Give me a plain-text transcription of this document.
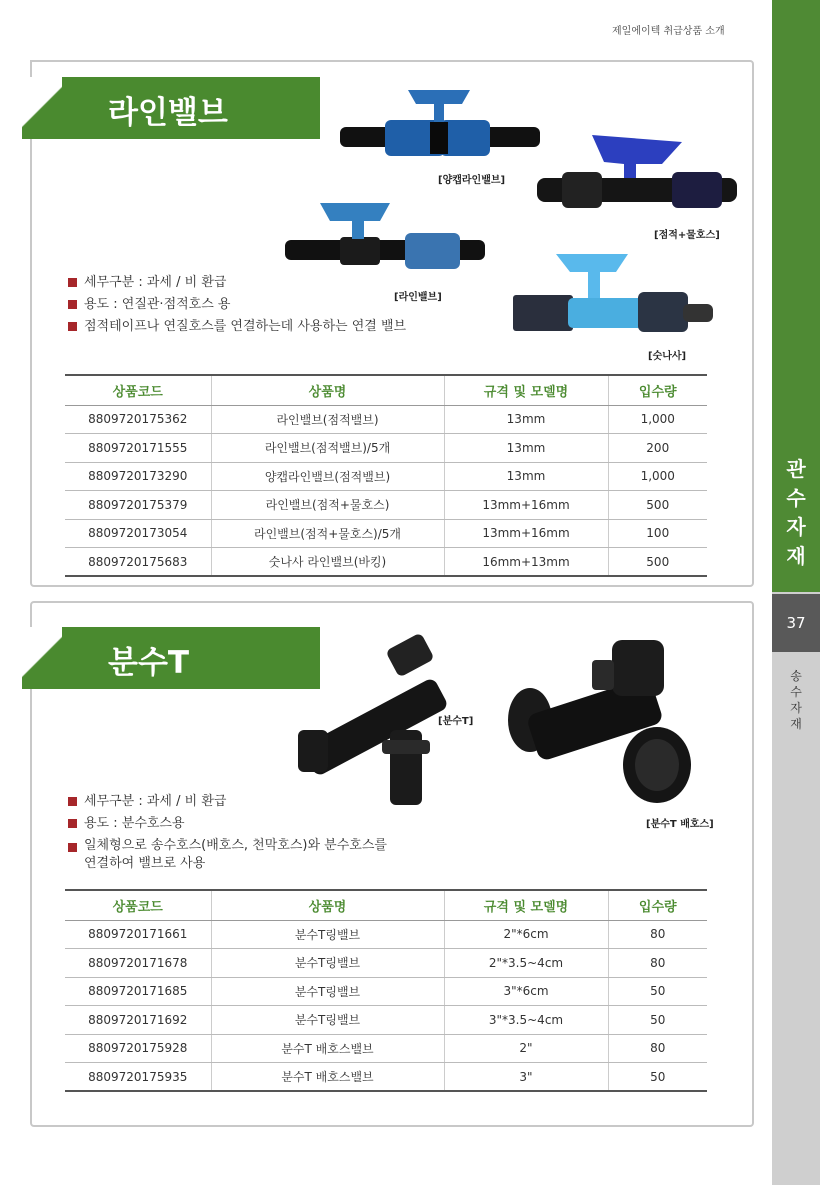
제일에이텍 취급상품 소개
관
수
자
재
37
송
수
자
재
라인밸브
[양캡라인밸브]
[점적+물호스]
[라인밸브]
[숫나사]
세무구분 : 과세 / 비 환급
용도 : 연질관·점적호스 용
점적테이프나 연질호스를 연결하는데 사용하는 연결 밸브
상품코드	상품명	규격 및 모델명	입수량
8809720175362	라인밸브(점적밸브)	13mm	1,000
8809720171555	라인밸브(점적밸브)/5개	13mm	200
8809720173290	양캡라인밸브(점적밸브)	13mm	1,000
8809720175379	라인밸브(점적+물호스)	13mm+16mm	500
8809720173054	라인밸브(점적+물호스)/5개	13mm+16mm	100
8809720175683	숫나사 라인밸브(바킹)	16mm+13mm	500
분수T
[분수T]
[분수T 배호스]
세무구분 : 과세 / 비 환급
용도 : 분수호스용
일체형으로 송수호스(배호스, 천막호스)와 분수호스를
연결하여 밸브로 사용
상품코드	상품명	규격 및 모델명	입수량
8809720171661	분수T링밸브	2"*6cm	80
8809720171678	분수T링밸브	2"*3.5~4cm	80
8809720171685	분수T링밸브	3"*6cm	50
8809720171692	분수T링밸브	3"*3.5~4cm	50
8809720175928	분수T 배호스밸브	2"	80
8809720175935	분수T 배호스밸브	3"	50
